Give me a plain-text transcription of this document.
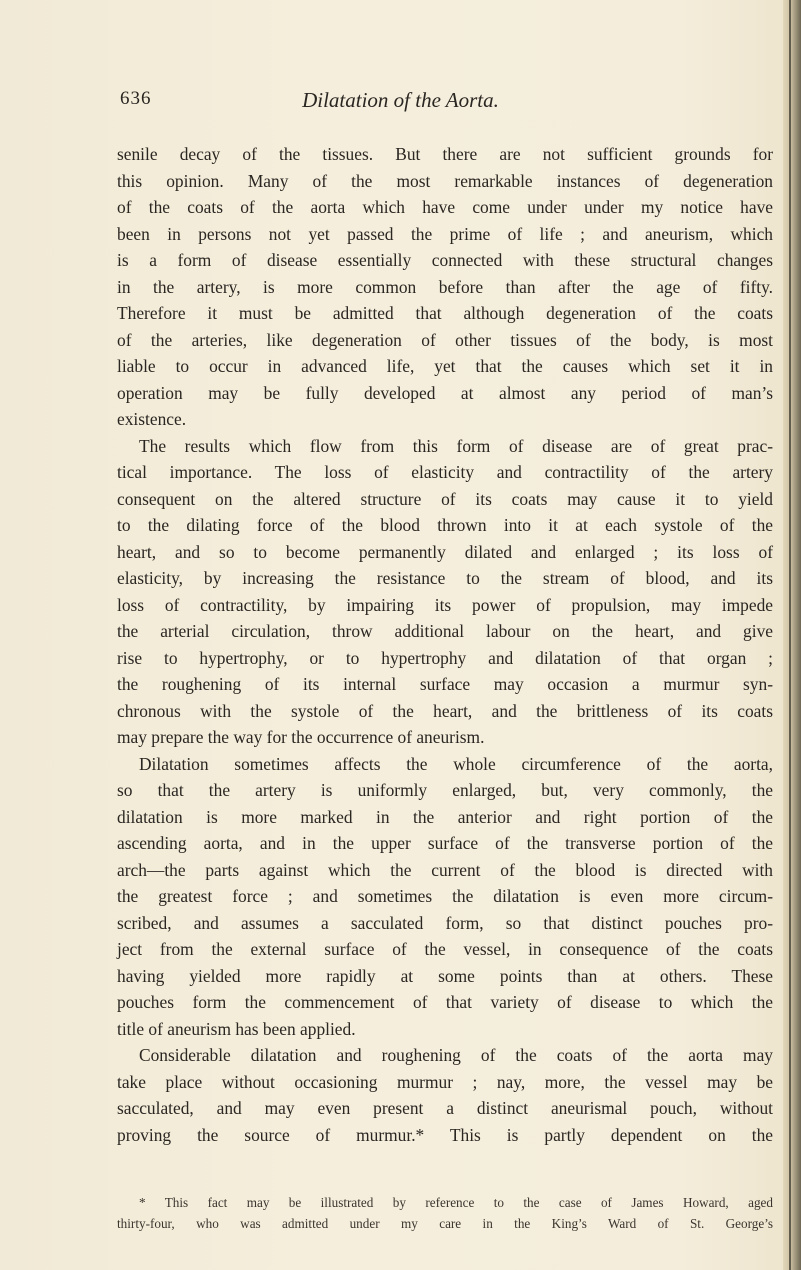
636	Dilatation of the Aorta.
senile decay of the tissues. But there are not sufficient grounds for
this opinion. Many of the most remarkable instances of degeneration
of the coats of the aorta which have come under under my notice have
been in persons not yet passed the prime of life ; and aneurism, which
is a form of disease essentially connected with these structural changes
in the artery, is more common before than after the age of fifty.
Therefore it must be admitted that although degeneration of the coats
of the arteries, like degeneration of other tissues of the body, is most
liable to occur in advanced life, yet that the causes which set it in
operation may be fully developed at almost any period of man’s
existence.
The results which flow from this form of disease are of great prac-
tical importance. The loss of elasticity and contractility of the artery
consequent on the altered structure of its coats may cause it to yield
to the dilating force of the blood thrown into it at each systole of the
heart, and so to become permanently dilated and enlarged ; its loss of
elasticity, by increasing the resistance to the stream of blood, and its
loss of contractility, by impairing its power of propulsion, may impede
the arterial circulation, throw additional labour on the heart, and give
rise to hypertrophy, or to hypertrophy and dilatation of that organ ;
the roughening of its internal surface may occasion a murmur syn-
chronous with the systole of the heart, and the brittleness of its coats
may prepare the way for the occurrence of aneurism.
Dilatation sometimes affects the whole circumference of the aorta,
so that the artery is uniformly enlarged, but, very commonly, the
dilatation is more marked in the anterior and right portion of the
ascending aorta, and in the upper surface of the transverse portion of the
arch—the parts against which the current of the blood is directed with
the greatest force ; and sometimes the dilatation is even more circum-
scribed, and assumes a sacculated form, so that distinct pouches pro-
ject from the external surface of the vessel, in consequence of the coats
having yielded more rapidly at some points than at others. These
pouches form the commencement of that variety of disease to which the
title of aneurism has been applied.
Considerable dilatation and roughening of the coats of the aorta may
take place without occasioning murmur ; nay, more, the vessel may be
sacculated, and may even present a distinct aneurismal pouch, without
proving the source of murmur.* This is partly dependent on the
* This fact may be illustrated by reference to the case of James Howard, aged
thirty-four, who was admitted under my care in the King’s Ward of St. George’s
